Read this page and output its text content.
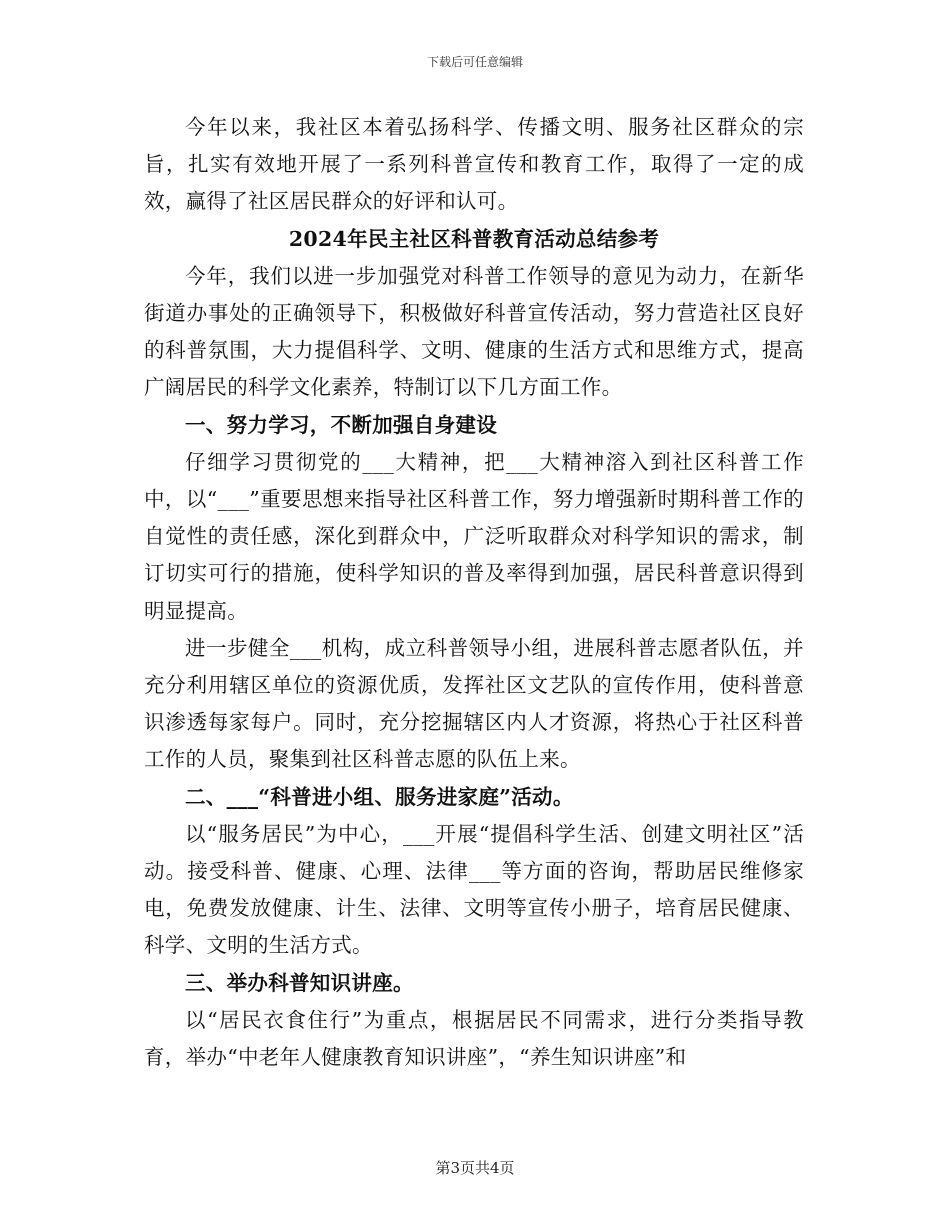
下载后可任意编辑

今年以来，我社区本着弘扬科学、传播文明、服务社区群众的宗旨，扎实有效地开展了一系列科普宣传和教育工作，取得了一定的成效，赢得了社区居民群众的好评和认可。

2024年民主社区科普教育活动总结参考

今年，我们以进一步加强党对科普工作领导的意见为动力，在新华街道办事处的正确领导下，积极做好科普宣传活动，努力营造社区良好的科普氛围，大力提倡科学、文明、健康的生活方式和思维方式，提高广阔居民的科学文化素养，特制订以下几方面工作。

一、努力学习，不断加强自身建设

仔细学习贯彻党的___大精神，把___大精神溶入到社区科普工作中，以“___”重要思想来指导社区科普工作，努力增强新时期科普工作的自觉性的责任感，深化到群众中，广泛听取群众对科学知识的需求，制订切实可行的措施，使科学知识的普及率得到加强，居民科普意识得到明显提高。

进一步健全___机构，成立科普领导小组，进展科普志愿者队伍，并充分利用辖区单位的资源优质，发挥社区文艺队的宣传作用，使科普意识渗透每家每户。同时，充分挖掘辖区内人才资源，将热心于社区科普工作的人员，聚集到社区科普志愿的队伍上来。

二、___“科普进小组、服务进家庭”活动。

以“服务居民”为中心，___开展“提倡科学生活、创建文明社区”活动。接受科普、健康、心理、法律___等方面的咨询，帮助居民维修家电，免费发放健康、计生、法律、文明等宣传小册子，培育居民健康、科学、文明的生活方式。

三、举办科普知识讲座。

以“居民衣食住行”为重点，根据居民不同需求，进行分类指导教育，举办“中老年人健康教育知识讲座”，“养生知识讲座”和

第3页共4页
